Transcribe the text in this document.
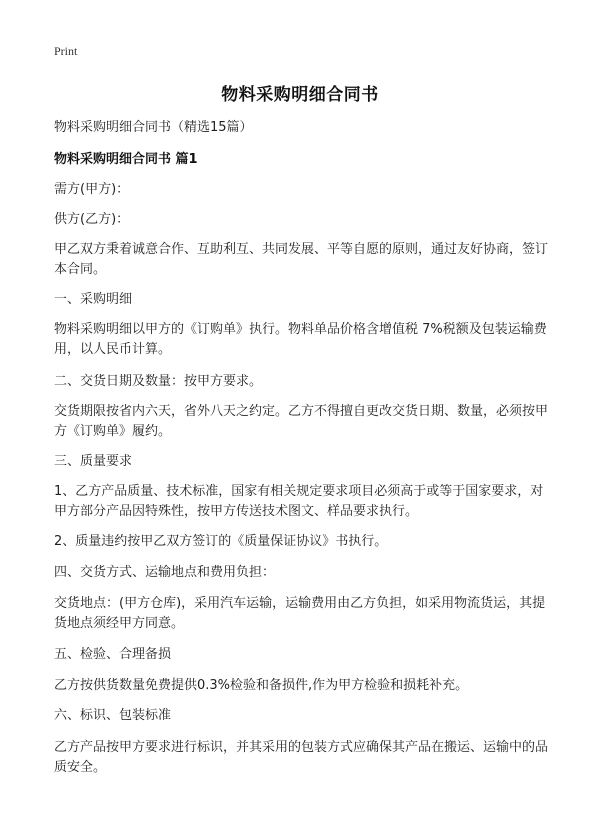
Print
物料采购明细合同书
物料采购明细合同书（精选15篇）
物料采购明细合同书 篇1
需方(甲方)：
供方(乙方)：
甲乙双方秉着诚意合作、互助利互、共同发展、平等自愿的原则，通过友好协商，签订本合同。
一、采购明细
物料采购明细以甲方的《订购单》执行。物料单品价格含增值税 7%税额及包装运输费用，以人民币计算。
二、交货日期及数量：按甲方要求。
交货期限按省内六天，省外八天之约定。乙方不得擅自更改交货日期、数量，必须按甲方《订购单》履约。
三、质量要求
1、乙方产品质量、技术标准，国家有相关规定要求项目必须高于或等于国家要求，对甲方部分产品因特殊性，按甲方传送技术图文、样品要求执行。
2、质量违约按甲乙双方签订的《质量保证协议》书执行。
四、交货方式、运输地点和费用负担：
交货地点：(甲方仓库)，采用汽车运输，运输费用由乙方负担，如采用物流货运，其提货地点须经甲方同意。
五、检验、合理备损
乙方按供货数量免费提供0.3%检验和备损件,作为甲方检验和损耗补充。
六、标识、包装标准
乙方产品按甲方要求进行标识，并其采用的包装方式应确保其产品在搬运、运输中的品质安全。
